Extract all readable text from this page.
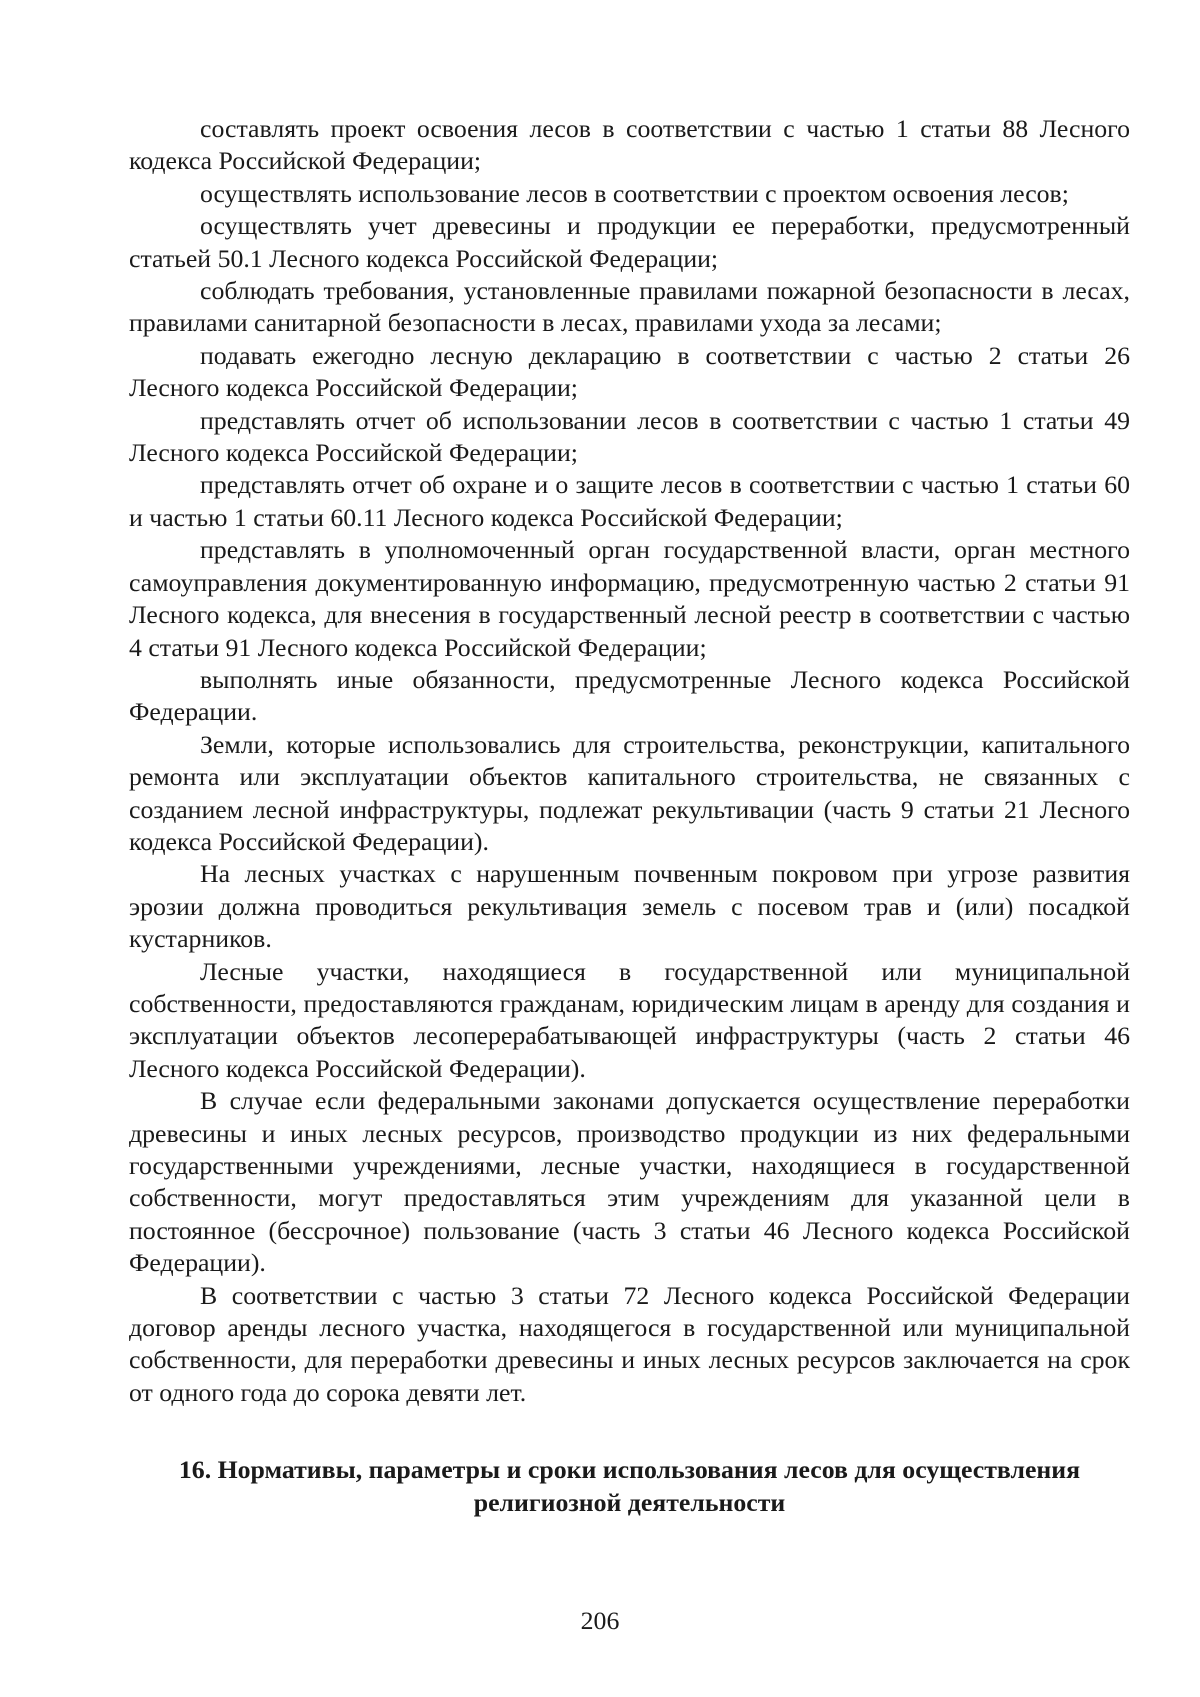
составлять проект освоения лесов в соответствии с частью 1 статьи 88 Лесного кодекса Российской Федерации;

осуществлять использование лесов в соответствии с проектом освоения лесов;

осуществлять учет древесины и продукции ее переработки, предусмотренный статьей 50.1 Лесного кодекса Российской Федерации;

соблюдать требования, установленные правилами пожарной безопасности в лесах, правилами санитарной безопасности в лесах, правилами ухода за лесами;

подавать ежегодно лесную декларацию в соответствии с частью 2 статьи 26 Лесного кодекса Российской Федерации;

представлять отчет об использовании лесов в соответствии с частью 1 статьи 49 Лесного кодекса Российской Федерации;

представлять отчет об охране и о защите лесов в соответствии с частью 1 статьи 60 и частью 1 статьи 60.11 Лесного кодекса Российской Федерации;

представлять в уполномоченный орган государственной власти, орган местного самоуправления документированную информацию, предусмотренную частью 2 статьи 91 Лесного кодекса, для внесения в государственный лесной реестр в соответствии с частью 4 статьи 91 Лесного кодекса Российской Федерации;

выполнять иные обязанности, предусмотренные Лесного кодекса Российской Федерации.

Земли, которые использовались для строительства, реконструкции, капитального ремонта или эксплуатации объектов капитального строительства, не связанных с созданием лесной инфраструктуры, подлежат рекультивации (часть 9 статьи 21 Лесного кодекса Российской Федерации).

На лесных участках с нарушенным почвенным покровом при угрозе развития эрозии должна проводиться рекультивация земель с посевом трав и (или) посадкой кустарников.

Лесные участки, находящиеся в государственной или муниципальной собственности, предоставляются гражданам, юридическим лицам в аренду для создания и эксплуатации объектов лесоперерабатывающей инфраструктуры (часть 2 статьи 46 Лесного кодекса Российской Федерации).

В случае если федеральными законами допускается осуществление переработки древесины и иных лесных ресурсов, производство продукции из них федеральными государственными учреждениями, лесные участки, находящиеся в государственной собственности, могут предоставляться этим учреждениям для указанной цели в постоянное (бессрочное) пользование (часть 3 статьи 46 Лесного кодекса Российской Федерации).

В соответствии с частью 3 статьи 72 Лесного кодекса Российской Федерации договор аренды лесного участка, находящегося в государственной или муниципальной собственности, для переработки древесины и иных лесных ресурсов заключается на срок от одного года до сорока девяти лет.

16. Нормативы, параметры и сроки использования лесов для осуществления религиозной деятельности
206
